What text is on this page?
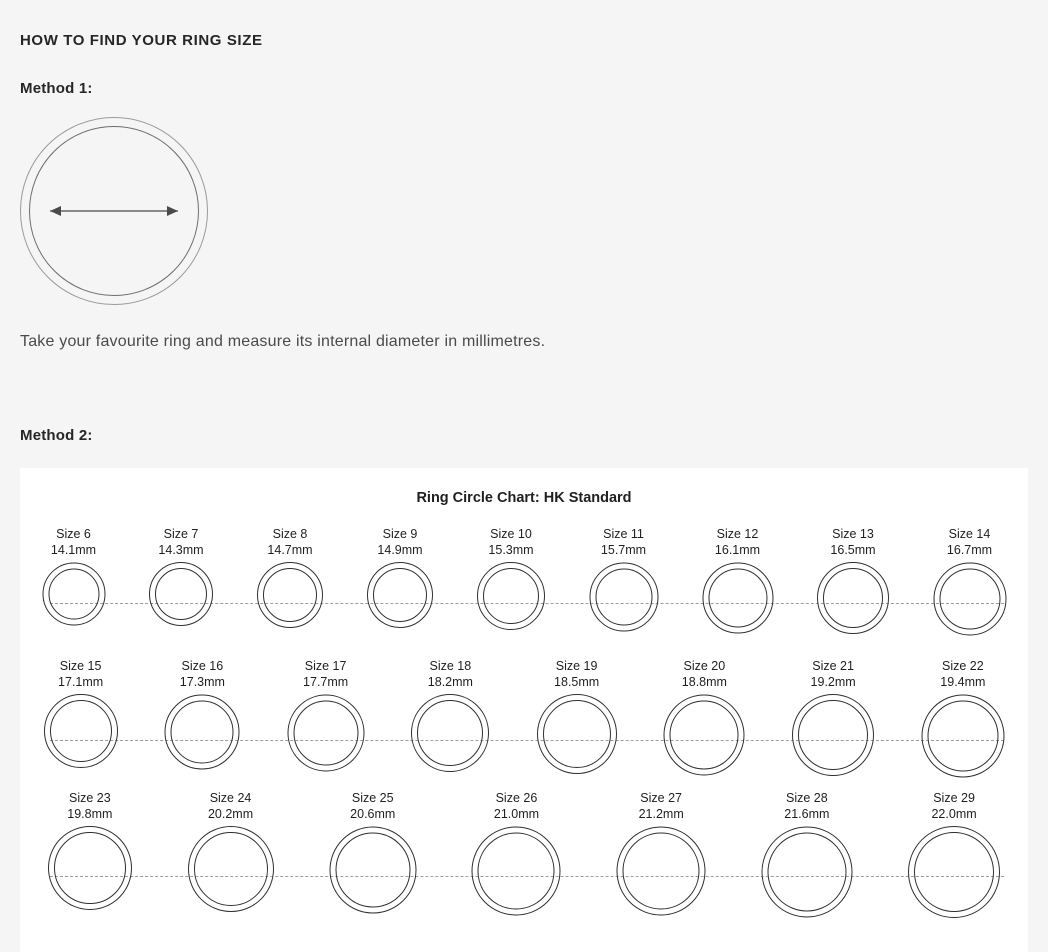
HOW TO FIND YOUR RING SIZE
Method 1:
Take your favourite ring and measure its internal diameter in millimetres.
Method 2:
Ring Circle Chart: HK Standard
Size 6
14.1mm
Size 7
14.3mm
Size 8
14.7mm
Size 9
14.9mm
Size 10
15.3mm
Size 11
15.7mm
Size 12
16.1mm
Size 13
16.5mm
Size 14
16.7mm
Size 15
17.1mm
Size 16
17.3mm
Size 17
17.7mm
Size 18
18.2mm
Size 19
18.5mm
Size 20
18.8mm
Size 21
19.2mm
Size 22
19.4mm
Size 23
19.8mm
Size 24
20.2mm
Size 25
20.6mm
Size 26
21.0mm
Size 27
21.2mm
Size 28
21.6mm
Size 29
22.0mm
